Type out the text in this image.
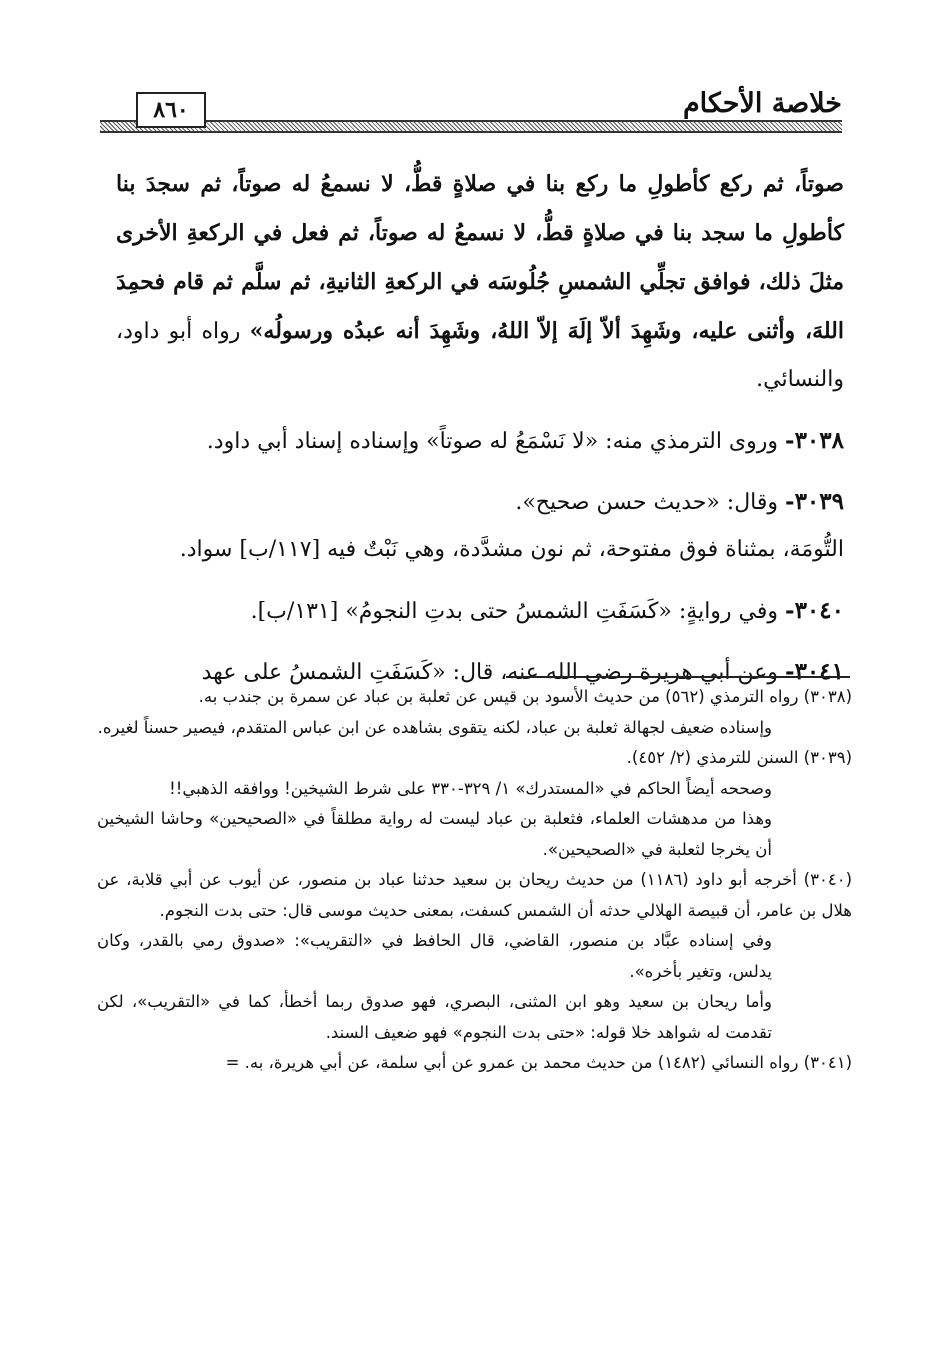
خلاصة الأحكام
٨٦٠

صوتاً، ثم ركع كأطولِ ما ركع بنا في صلاةٍ قطُّ، لا نسمعُ له صوتاً، ثم سجدَ بنا كأطولِ ما سجد بنا في صلاةٍ قطُّ، لا نسمعُ له صوتاً، ثم فعل في الركعةِ الأخرى مثلَ ذلك، فوافق تجلِّي الشمسِ جُلُوسَه في الركعةِ الثانيةِ، ثم سلَّم ثم قام فحمِدَ اللهَ، وأثنى عليه، وشَهِدَ ألاّ إلَهَ إلاّ اللهُ، وشَهِدَ أنه عبدُه ورسولُه» رواه أبو داود، والنسائي.

٣٠٣٨- وروى الترمذي منه: «لا نَسْمَعُ له صوتاً» وإسناده إسناد أبي داود.

٣٠٣٩- وقال: «حديث حسن صحيح».

التُّومَة، بمثناة فوق مفتوحة، ثم نون مشدَّدة، وهي نَبْتٌ فيه [١١٧/ب] سواد.

٣٠٤٠- وفي روايةٍ: «كَسَفَتِ الشمسُ حتى بدتِ النجومُ» [١٣١/ب].

٣٠٤١- وعن أبي هريرة رضي الله عنه، قال: «كَسَفَتِ الشمسُ على عهد

(٣٠٣٨) رواه الترمذي (٥٦٢) من حديث الأسود بن قيس عن ثعلبة بن عباد عن سمرة بن جندب به.

وإسناده ضعيف لجهالة ثعلبة بن عباد، لكنه يتقوى بشاهده عن ابن عباس المتقدم، فيصير حسناً لغيره.

(٣٠٣٩) السنن للترمذي (٢/ ٤٥٢).

وصححه أيضاً الحاكم في «المستدرك» ١/ ٣٢٩-٣٣٠ على شرط الشيخين! ووافقه الذهبي!!

وهذا من مدهشات العلماء، فثعلبة بن عباد ليست له رواية مطلقاً في «الصحيحين» وحاشا الشيخين أن يخرجا لثعلبة في «الصحيحين».

(٣٠٤٠) أخرجه أبو داود (١١٨٦) من حديث ريحان بن سعيد حدثنا عباد بن منصور، عن أيوب عن أبي قلابة، عن هلال بن عامر، أن قبيصة الهلالي حدثه أن الشمس كسفت، بمعنى حديث موسى قال: حتى بدت النجوم.

وفي إسناده عبَّاد بن منصور، القاضي، قال الحافظ في «التقريب»: «صدوق رمي بالقدر، وكان يدلس، وتغير بأخره».

وأما ريحان بن سعيد وهو ابن المثنى، البصري، فهو صدوق ربما أخطأ، كما في «التقريب»، لكن تقدمت له شواهد خلا قوله: «حتى بدت النجوم» فهو ضعيف السند.

(٣٠٤١) رواه النسائي (١٤٨٢) من حديث محمد بن عمرو عن أبي سلمة، عن أبي هريرة، به. =
